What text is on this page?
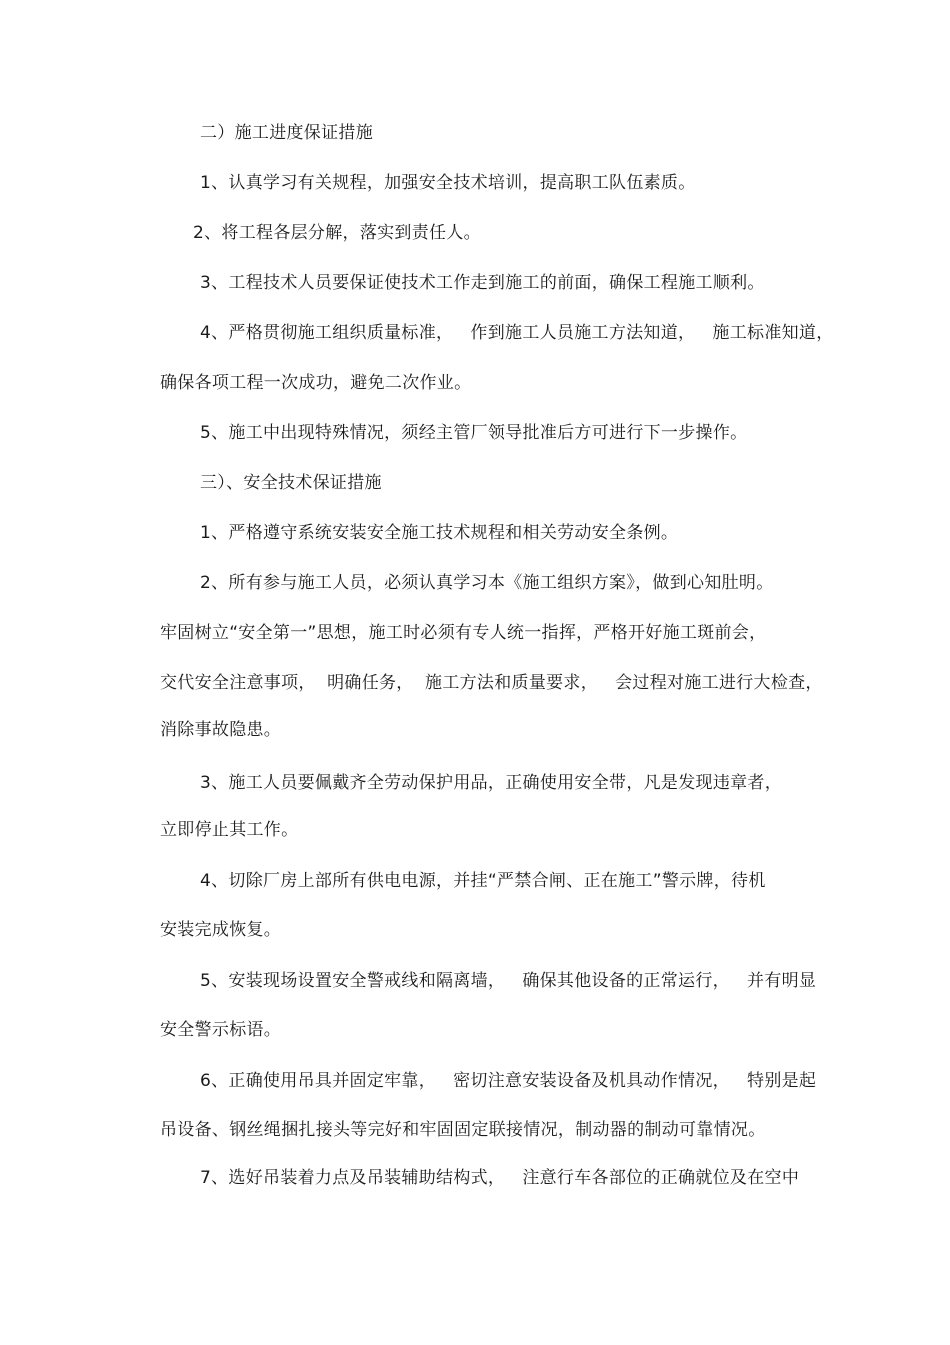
二）施工进度保证措施
1、认真学习有关规程，加强安全技术培训，提高职工队伍素质。
2、将工程各层分解，落实到责任人。
3、工程技术人员要保证使技术工作走到施工的前面，确保工程施工顺利。
4、严格贯彻施工组织质量标准，   作到施工人员施工方法知道，   施工标准知道，
确保各项工程一次成功，避免二次作业。
5、施工中出现特殊情况，须经主管厂领导批准后方可进行下一步操作。
三）、安全技术保证措施
1、严格遵守系统安装安全施工技术规程和相关劳动安全条例。
2、所有参与施工人员，必须认真学习本《施工组织方案》，做到心知肚明。
牢固树立“安全第一”思想，施工时必须有专人统一指挥，严格开好施工斑前会，
交代安全注意事项，  明确任务，  施工方法和质量要求，   会过程对施工进行大检查，
消除事故隐患。
3、施工人员要佩戴齐全劳动保护用品，正确使用安全带，凡是发现违章者，
立即停止其工作。
4、切除厂房上部所有供电电源，并挂“严禁合闸、正在施工”警示牌，待机
安装完成恢复。
5、安装现场设置安全警戒线和隔离墙，   确保其他设备的正常运行，   并有明显
安全警示标语。
6、正确使用吊具并固定牢靠，   密切注意安装设备及机具动作情况，   特别是起
吊设备、钢丝绳捆扎接头等完好和牢固固定联接情况，制动器的制动可靠情况。
7、选好吊装着力点及吊装辅助结构式，   注意行车各部位的正确就位及在空中
